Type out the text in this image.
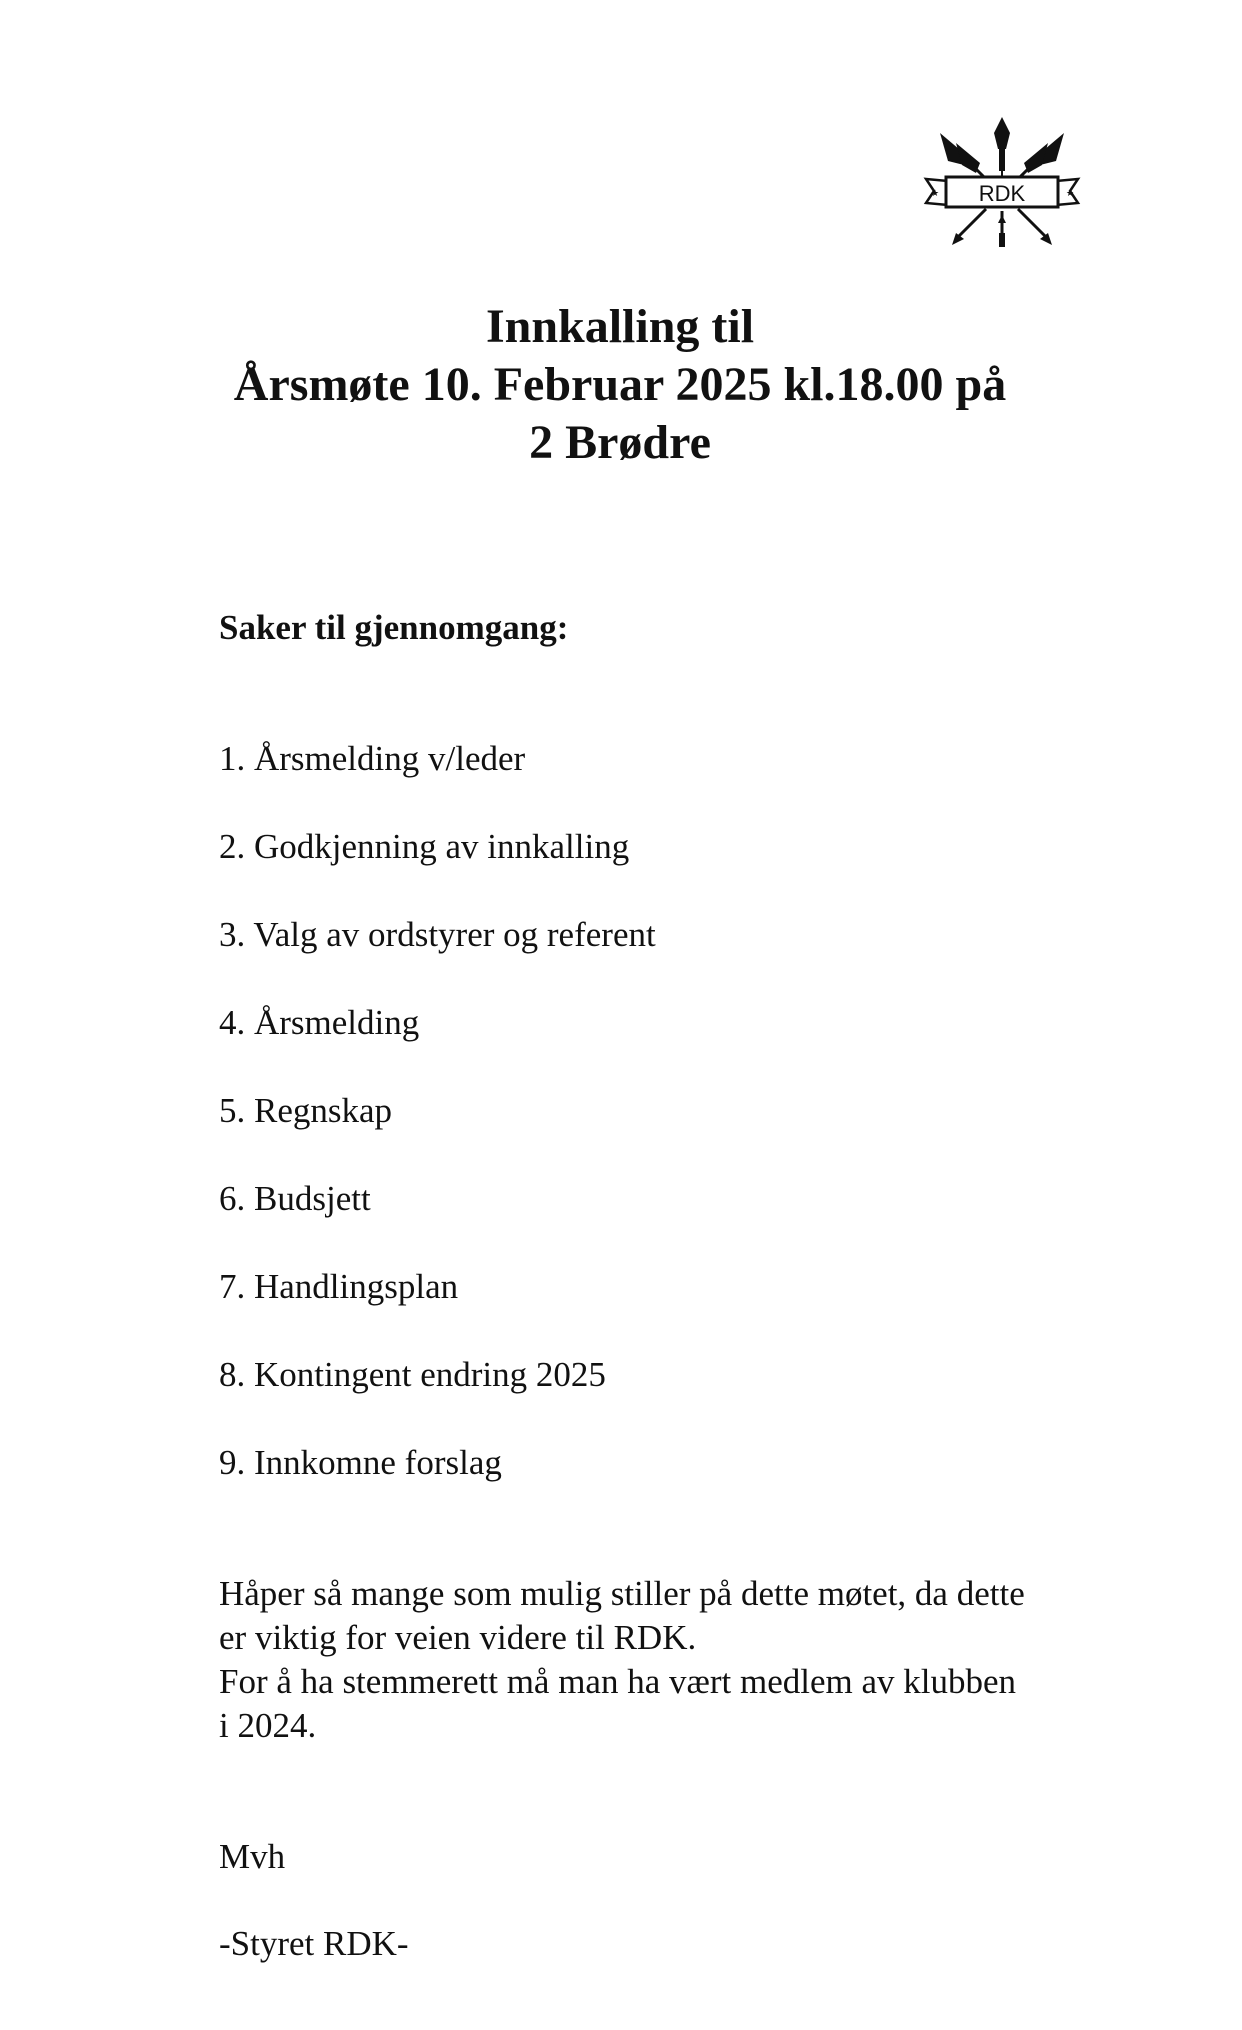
★	★
RDK
Innkalling til
Årsmøte 10. Februar 2025 kl.18.00 på
2 Brødre
Saker til gjennomgang:
1. Årsmelding v/leder
2. Godkjenning av innkalling
3. Valg av ordstyrer og referent
4. Årsmelding
5. Regnskap
6. Budsjett
7. Handlingsplan
8. Kontingent endring 2025
9. Innkomne forslag
Håper så mange som mulig stiller på dette møtet, da dette
er viktig for veien videre til RDK.
For å ha stemmerett må man ha vært medlem av klubben
i 2024.
Mvh
-Styret RDK-
